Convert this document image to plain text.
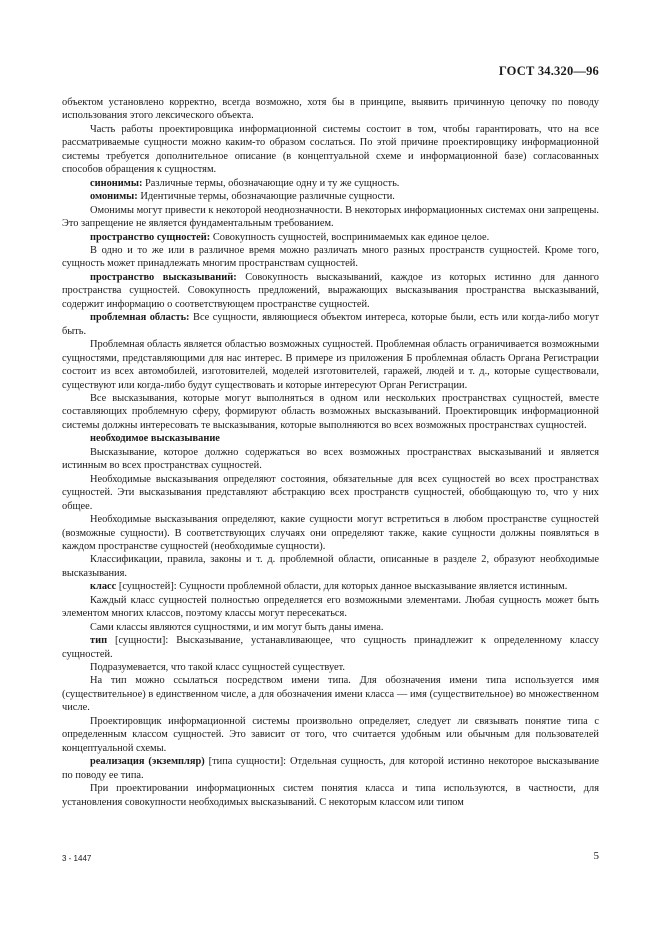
ГОСТ 34.320—96

объектом установлено корректно, всегда возможно, хотя бы в принципе, выявить причинную цепочку по поводу использования этого лексического объекта.

Часть работы проектировщика информационной системы состоит в том, чтобы гарантировать, что на все рассматриваемые сущности можно каким-то образом сослаться. По этой причине проектировщику информационной системы требуется дополнительное описание (в концептуальной схеме и информационной базе) согласованных способов обращения к сущностям.

синонимы: Различные термы, обозначающие одну и ту же сущность.

омонимы: Идентичные термы, обозначающие различные сущности.

Омонимы могут привести к некоторой неоднозначности. В некоторых информационных системах они запрещены. Это запрещение не является фундаментальным требованием.

пространство сущностей: Совокупность сущностей, воспринимаемых как единое целое.

В одно и то же или в различное время можно различать много разных пространств сущностей. Кроме того, сущность может принадлежать многим пространствам сущностей.

пространство высказываний: Совокупность высказываний, каждое из которых истинно для данного пространства сущностей. Совокупность предложений, выражающих высказывания пространства высказываний, содержит информацию о соответствующем пространстве сущностей.

проблемная область: Все сущности, являющиеся объектом интереса, которые были, есть или когда-либо могут быть.

Проблемная область является областью возможных сущностей. Проблемная область ограничивается возможными сущностями, представляющими для нас интерес. В примере из приложения Б проблемная область Органа Регистрации состоит из всех автомобилей, изготовителей, моделей изготовителей, гаражей, людей и т. д., которые существовали, существуют или когда-либо будут существовать и которые интересуют Орган Регистрации.

Все высказывания, которые могут выполняться в одном или нескольких пространствах сущностей, вместе составляющих проблемную сферу, формируют область возможных высказываний. Проектировщик информационной системы должны интересовать те высказывания, которые выполняются во всех возможных пространствах сущностей.

необходимое высказывание

Высказывание, которое должно содержаться во всех возможных пространствах высказываний и является истинным во всех пространствах сущностей.

Необходимые высказывания определяют состояния, обязательные для всех сущностей во всех пространствах сущностей. Эти высказывания представляют абстракцию всех пространств сущностей, обобщающую то, что у них общее.

Необходимые высказывания определяют, какие сущности могут встретиться в любом пространстве сущностей (возможные сущности). В соответствующих случаях они определяют также, какие сущности должны появляться в каждом пространстве сущностей (необходимые сущности).

Классификации, правила, законы и т. д. проблемной области, описанные в разделе 2, образуют необходимые высказывания.

класс [сущностей]: Сущности проблемной области, для которых данное высказывание является истинным.

Каждый класс сущностей полностью определяется его возможными элементами. Любая сущность может быть элементом многих классов, поэтому классы могут пересекаться.

Сами классы являются сущностями, и им могут быть даны имена.

тип [сущности]: Высказывание, устанавливающее, что сущность принадлежит к определенному классу сущностей.

Подразумевается, что такой класс сущностей существует.

На тип можно ссылаться посредством имени типа. Для обозначения имени типа используется имя (существительное) в единственном числе, а для обозначения имени класса — имя (существительное) во множественном числе.

Проектировщик информационной системы произвольно определяет, следует ли связывать понятие типа с определенным классом сущностей. Это зависит от того, что считается удобным или обычным для пользователей концептуальной схемы.

реализация (экземпляр) [типа сущности]: Отдельная сущность, для которой истинно некоторое высказывание по поводу ее типа.

При проектировании информационных систем понятия класса и типа используются, в частности, для установления совокупности необходимых высказываний. С некоторым классом или типом

3 - 1447	5
